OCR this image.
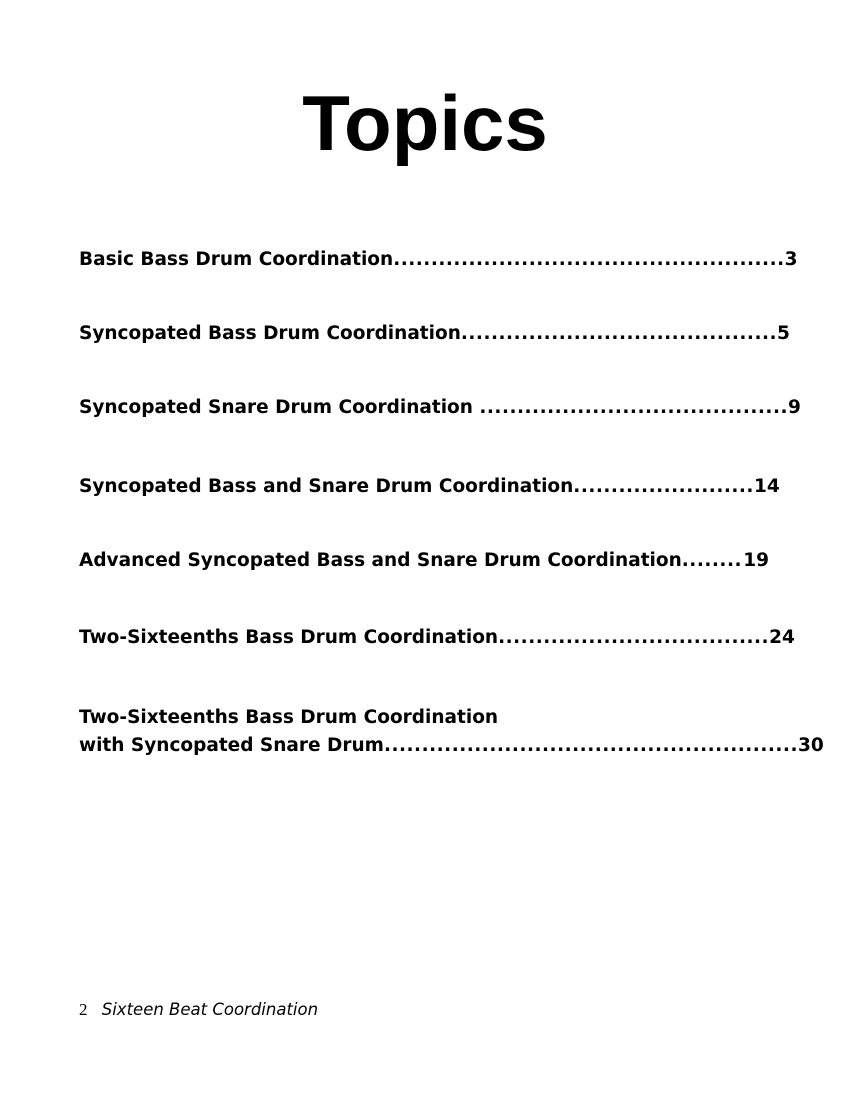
Topics
Basic Bass Drum Coordination .................................................... 3
Syncopated Bass Drum Coordination .......................................... 5
Syncopated Snare Drum Coordination ......................................... 9
Syncopated Bass and Snare Drum Coordination ........................ 14
Advanced Syncopated Bass and Snare Drum Coordination ........ 19
Two-Sixteenths Bass Drum Coordination .................................... 24
Two-Sixteenths Bass Drum Coordination
with Syncopated Snare Drum ....................................................... 30
2 Sixteen Beat Coordination
